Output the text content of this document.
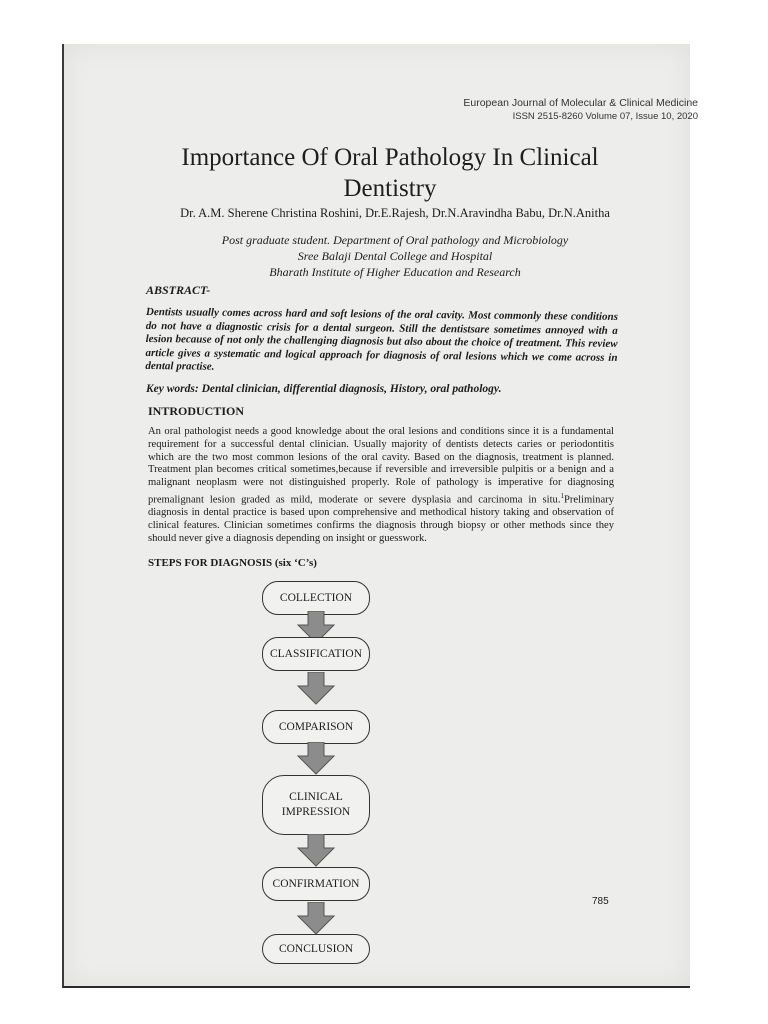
European Journal of Molecular & Clinical Medicine
ISSN 2515-8260 Volume 07, Issue 10, 2020
Importance Of Oral Pathology In Clinical Dentistry
Dr. A.M. Sherene Christina Roshini, Dr.E.Rajesh, Dr.N.Aravindha Babu, Dr.N.Anitha
Post graduate student. Department of Oral pathology and Microbiology
Sree Balaji Dental College and Hospital
Bharath Institute of Higher Education and Research
ABSTRACT-
Dentists usually comes across hard and soft lesions of the oral cavity. Most commonly these conditions do not have a diagnostic crisis for a dental surgeon. Still the dentistsare sometimes annoyed with a lesion because of not only the challenging diagnosis but also about the choice of treatment. This review article gives a systematic and logical approach for diagnosis of oral lesions which we come across in dental practise.
Key words: Dental clinician, differential diagnosis, History, oral pathology.
INTRODUCTION
An oral pathologist needs a good knowledge about the oral lesions and conditions since it is a fundamental requirement for a successful dental clinician. Usually majority of dentists detects caries or periodontitis which are the two most common lesions of the oral cavity. Based on the diagnosis, treatment is planned. Treatment plan becomes critical sometimes,because if reversible and irreversible pulpitis or a benign and a malignant neoplasm were not distinguished properly. Role of pathology is imperative for diagnosing premalignant lesion graded as mild, moderate or severe dysplasia and carcinoma in situ.$^1$Preliminary diagnosis in dental practice is based upon comprehensive and methodical history taking and observation of clinical features. Clinician sometimes confirms the diagnosis through biopsy or other methods since they should never give a diagnosis depending on insight or guesswork.
STEPS FOR DIAGNOSIS (six ‘C’s)
COLLECTION
CLASSIFICATION
COMPARISON
CLINICAL IMPRESSION
CONFIRMATION
CONCLUSION
785
